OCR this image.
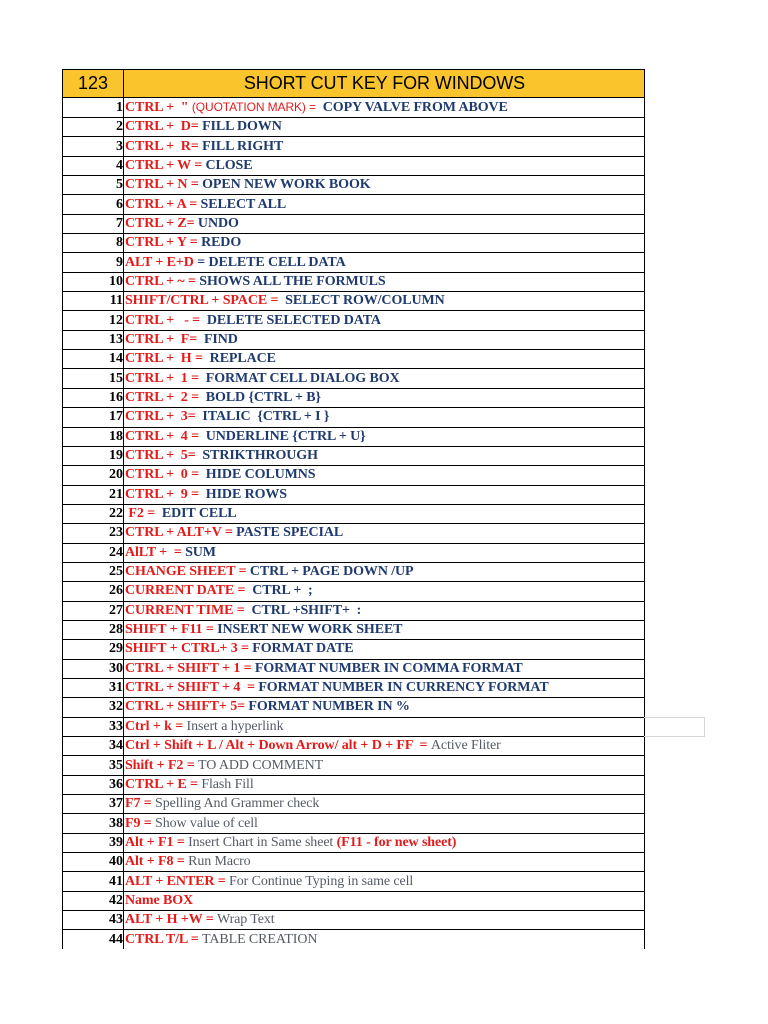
123	SHORT CUT KEY FOR WINDOWS
1	CTRL +  " (QUOTATION MARK) =  COPY VALVE FROM ABOVE
2	CTRL +  D= FILL DOWN
3	CTRL +  R= FILL RIGHT
4	CTRL + W = CLOSE
5	CTRL + N = OPEN NEW WORK BOOK
6	CTRL + A = SELECT ALL
7	CTRL + Z= UNDO
8	CTRL + Y = REDO
9	ALT + E+D = DELETE CELL DATA
10	CTRL + ~ = SHOWS ALL THE FORMULS
11	SHIFT/CTRL + SPACE =  SELECT ROW/COLUMN
12	CTRL +   - =  DELETE SELECTED DATA
13	CTRL +  F=  FIND
14	CTRL +  H =  REPLACE
15	CTRL +  1 =  FORMAT CELL DIALOG BOX
16	CTRL +  2 =  BOLD {CTRL + B}
17	CTRL +  3=  ITALIC  {CTRL + I }
18	CTRL +  4 =  UNDERLINE {CTRL + U}
19	CTRL +  5=  STRIKTHROUGH
20	CTRL +  0 =  HIDE COLUMNS
21	CTRL +  9 =  HIDE ROWS
22	F2 =  EDIT CELL
23	CTRL + ALT+V = PASTE SPECIAL
24	AlLT +  = SUM
25	CHANGE SHEET = CTRL + PAGE DOWN /UP
26	CURRENT DATE =  CTRL +  ;
27	CURRENT TIME =  CTRL +SHIFT+  :
28	SHIFT + F11 = INSERT NEW WORK SHEET
29	SHIFT + CTRL+ 3 = FORMAT DATE
30	CTRL + SHIFT + 1 = FORMAT NUMBER IN COMMA FORMAT
31	CTRL + SHIFT + 4  = FORMAT NUMBER IN CURRENCY FORMAT
32	CTRL + SHIFT+ 5= FORMAT NUMBER IN %
33	Ctrl + k = Insert a hyperlink
34	Ctrl + Shift + L / Alt + Down Arrow/ alt + D + FF  = Active Fliter
35	Shift + F2 = TO ADD COMMENT
36	CTRL + E = Flash Fill
37	F7 = Spelling And Grammer check
38	F9 = Show value of cell
39	Alt + F1 = Insert Chart in Same sheet (F11 - for new sheet)
40	Alt + F8 = Run Macro
41	ALT + ENTER = For Continue Typing in same cell
42	Name BOX
43	ALT + H +W = Wrap Text
44	CTRL T/L = TABLE CREATION
